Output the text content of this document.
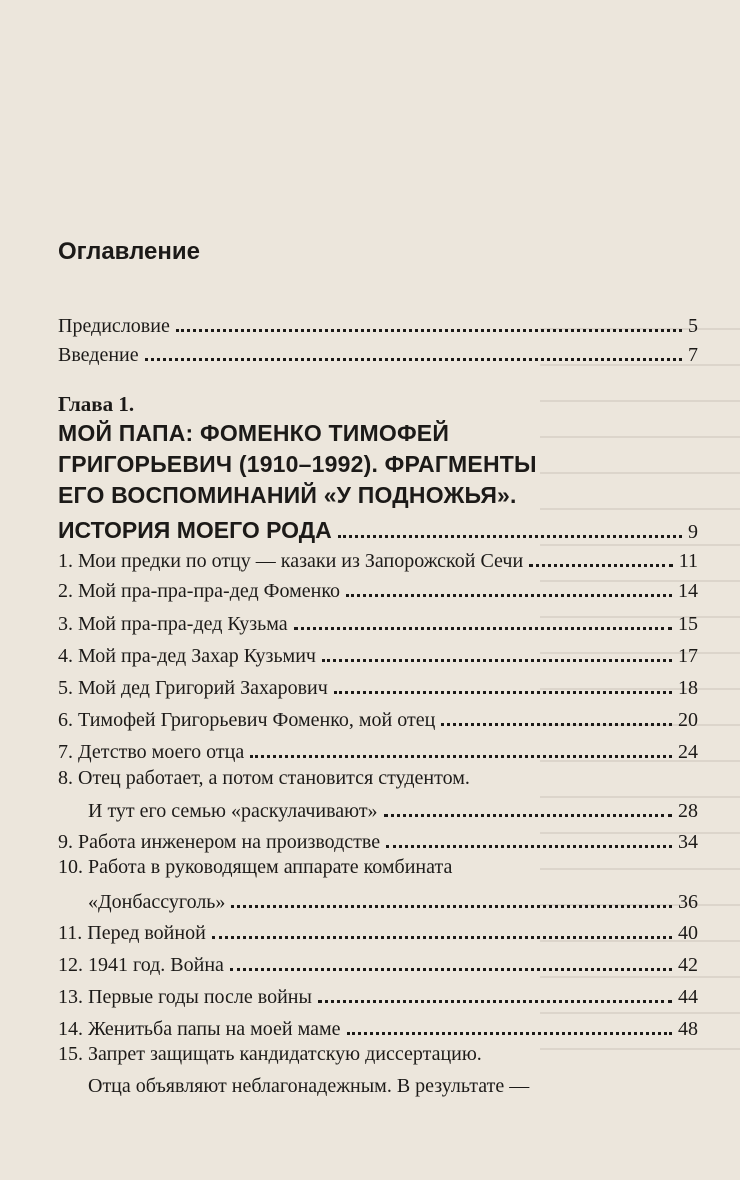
Оглавление
Предисловие	5
Введение	7
Глава 1.
МОЙ ПАПА: ФОМЕНКО ТИМОФЕЙ
ГРИГОРЬЕВИЧ (1910–1992). ФРАГМЕНТЫ
ЕГО ВОСПОМИНАНИЙ «У ПОДНОЖЬЯ».
ИСТОРИЯ МОЕГО РОДА	9
1. Мои предки по отцу — казаки из Запорожской Сечи	11
2. Мой пра-пра-пра-дед Фоменко	14
3. Мой пра-пра-дед Кузьма	15
4. Мой пра-дед Захар Кузьмич	17
5. Мой дед Григорий Захарович	18
6. Тимофей Григорьевич Фоменко, мой отец	20
7. Детство моего отца	24
8. Отец работает, а потом становится студентом.
И тут его семью «раскулачивают»	28
9. Работа инженером на производстве	34
10. Работа в руководящем аппарате комбината
«Донбассуголь»	36
11. Перед войной	40
12. 1941 год. Война	42
13. Первые годы после войны	44
14. Женитьба папы на моей маме	48
15. Запрет защищать кандидатскую диссертацию.
Отца объявляют неблагонадежным. В результате —
